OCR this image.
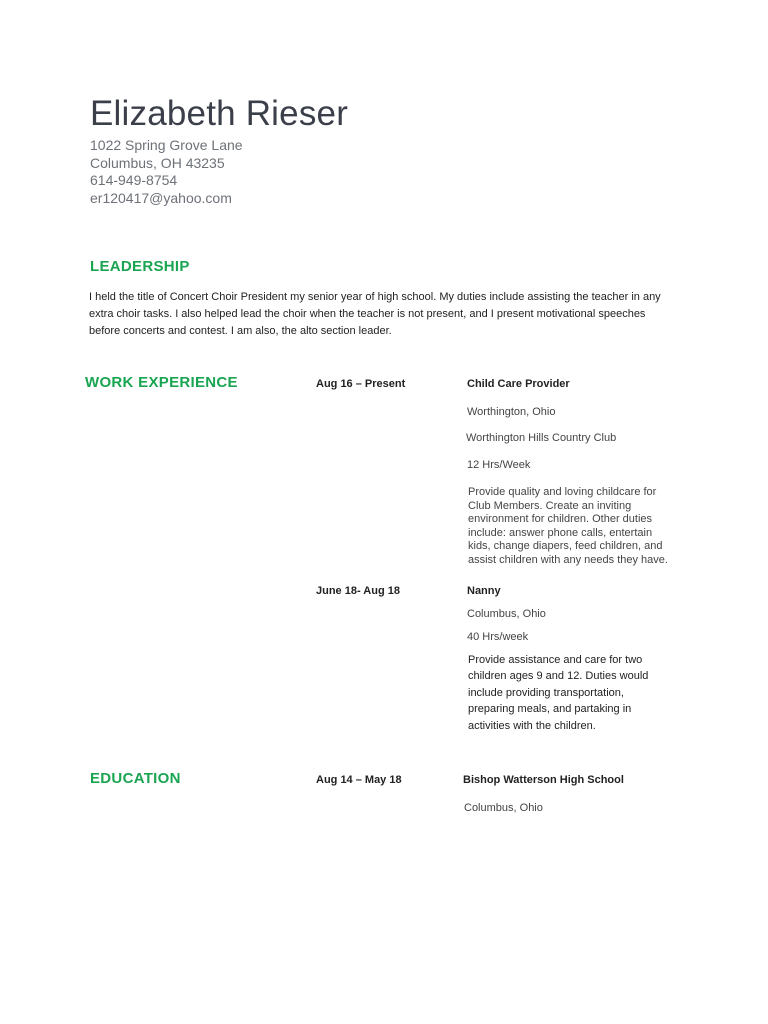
Elizabeth Rieser
1022 Spring Grove Lane
Columbus, OH 43235
614-949-8754
er120417@yahoo.com
LEADERSHIP
I held the title of Concert Choir President my senior year of high school. My duties include assisting the teacher in any
extra choir tasks. I also helped lead the choir when the teacher is not present, and I present motivational speeches
before concerts and contest. I am also, the alto section leader.
WORK EXPERIENCE	Aug 16 – Present	Child Care Provider
Worthington, Ohio
Worthington Hills Country Club
12 Hrs/Week
Provide quality and loving childcare for
Club Members. Create an inviting
environment for children. Other duties
include: answer phone calls, entertain
kids, change diapers, feed children, and
assist children with any needs they have.
June 18- Aug 18	Nanny
Columbus, Ohio
40 Hrs/week
Provide assistance and care for two
children ages 9 and 12. Duties would
include providing transportation,
preparing meals, and partaking in
activities with the children.
EDUCATION	Aug 14 – May 18	Bishop Watterson High School
Columbus, Ohio
